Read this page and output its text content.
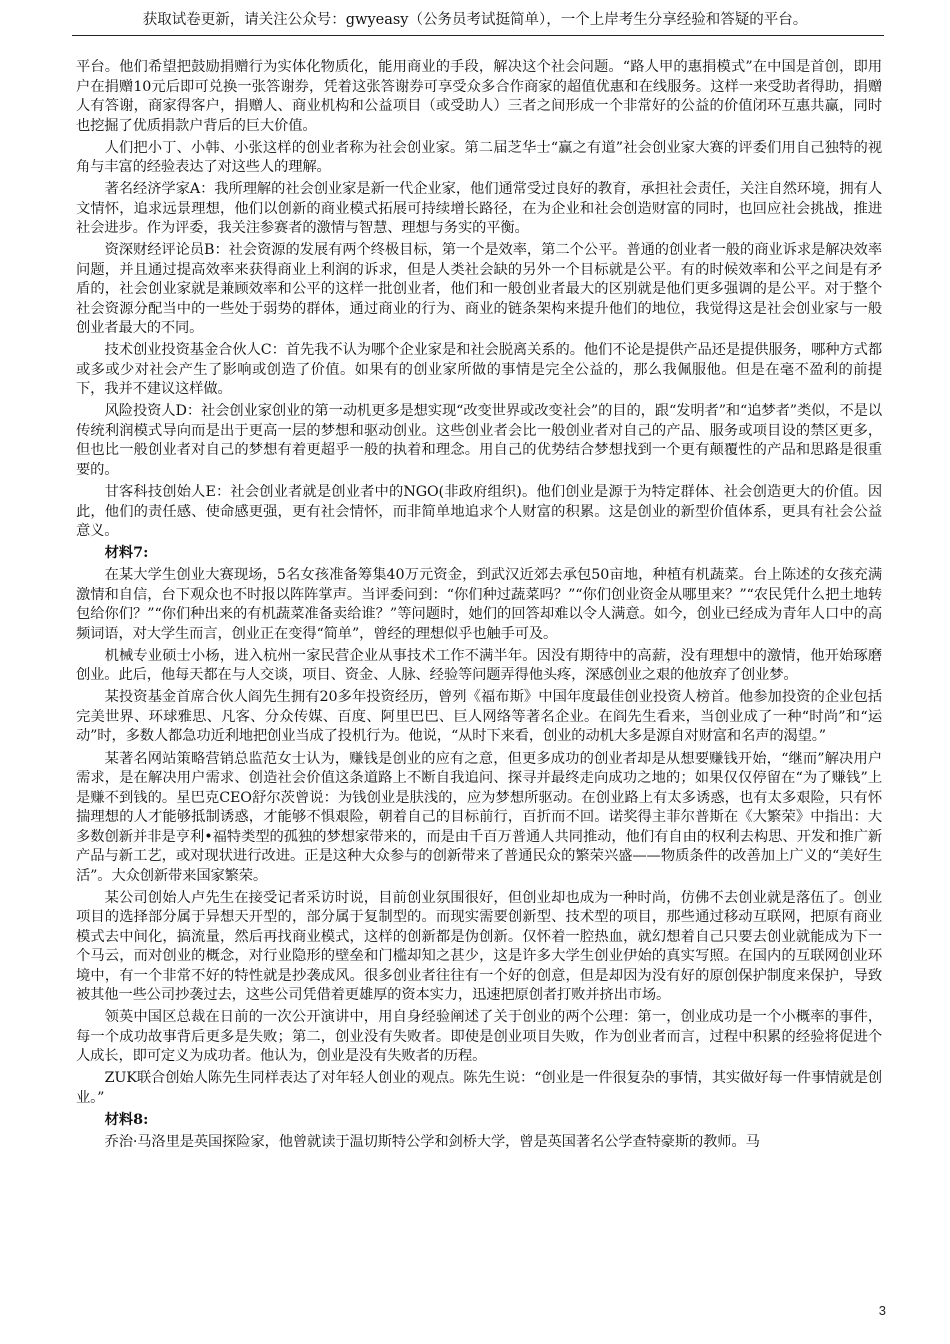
获取试卷更新，请关注公众号：gwyeasy（公务员考试挺简单），一个上岸考生分享经验和答疑的平台。

平台。他们希望把鼓励捐赠行为实体化物质化，能用商业的手段，解决这个社会问题。“路人甲的惠捐模式”在中国是首创，即用户在捐赠10元后即可兑换一张答谢券，凭着这张答谢券可享受众多合作商家的超值优惠和在线服务。这样一来受助者得助，捐赠人有答谢，商家得客户，捐赠人、商业机构和公益项目（或受助人）三者之间形成一个非常好的公益的价值闭环互惠共赢，同时也挖掘了优质捐款户背后的巨大价值。

人们把小丁、小韩、小张这样的创业者称为社会创业家。第二届芝华士“赢之有道”社会创业家大赛的评委们用自己独特的视角与丰富的经验表达了对这些人的理解。

著名经济学家A：我所理解的社会创业家是新一代企业家，他们通常受过良好的教育，承担社会责任，关注自然环境，拥有人文情怀，追求远景理想，他们以创新的商业模式拓展可持续增长路径，在为企业和社会创造财富的同时，也回应社会挑战，推进社会进步。作为评委，我关注参赛者的激情与智慧、理想与务实的平衡。

资深财经评论员B：社会资源的发展有两个终极目标，第一个是效率，第二个公平。普通的创业者一般的商业诉求是解决效率问题，并且通过提高效率来获得商业上利润的诉求，但是人类社会缺的另外一个目标就是公平。有的时候效率和公平之间是有矛盾的，社会创业家就是兼顾效率和公平的这样一批创业者，他们和一般创业者最大的区别就是他们更多强调的是公平。对于整个社会资源分配当中的一些处于弱势的群体，通过商业的行为、商业的链条架构来提升他们的地位，我觉得这是社会创业家与一般创业者最大的不同。

技术创业投资基金合伙人C：首先我不认为哪个企业家是和社会脱离关系的。他们不论是提供产品还是提供服务，哪种方式都或多或少对社会产生了影响或创造了价值。如果有的创业家所做的事情是完全公益的，那么我佩服他。但是在毫不盈利的前提下，我并不建议这样做。

风险投资人D：社会创业家创业的第一动机更多是想实现“改变世界或改变社会”的目的，跟“发明者”和“追梦者”类似，不是以传统利润模式导向而是出于更高一层的梦想和驱动创业。这些创业者会比一般创业者对自己的产品、服务或项目设的禁区更多，但也比一般创业者对自己的梦想有着更超乎一般的执着和理念。用自己的优势结合梦想找到一个更有颠覆性的产品和思路是很重要的。

甘客科技创始人E：社会创业者就是创业者中的NGO(非政府组织)。他们创业是源于为特定群体、社会创造更大的价值。因此，他们的责任感、使命感更强，更有社会情怀，而非简单地追求个人财富的积累。这是创业的新型价值体系，更具有社会公益意义。

材料7:

在某大学生创业大赛现场，5名女孩准备筹集40万元资金，到武汉近郊去承包50亩地，种植有机蔬菜。台上陈述的女孩充满激情和自信，台下观众也不时报以阵阵掌声。当评委问到：“你们种过蔬菜吗？”“你们创业资金从哪里来？”“农民凭什么把土地转包给你们？”“你们种出来的有机蔬菜准备卖给谁？”等问题时，她们的回答却难以令人满意。如今，创业已经成为青年人口中的高频词语，对大学生而言，创业正在变得“简单”，曾经的理想似乎也触手可及。

机械专业硕士小杨，进入杭州一家民营企业从事技术工作不满半年。因没有期待中的高薪，没有理想中的激情，他开始琢磨创业。此后，他每天都在与人交谈，项目、资金、人脉、经验等问题弄得他头疼，深感创业之艰的他放弃了创业梦。

某投资基金首席合伙人阎先生拥有20多年投资经历，曾列《福布斯》中国年度最佳创业投资人榜首。他参加投资的企业包括完美世界、环球雅思、凡客、分众传媒、百度、阿里巴巴、巨人网络等著名企业。在阎先生看来，当创业成了一种“时尚”和“运动”时，多数人都急功近利地把创业当成了投机行为。他说，“从时下来看，创业的动机大多是源自对财富和名声的渴望。”

某著名网站策略营销总监范女士认为，赚钱是创业的应有之意，但更多成功的创业者却是从想要赚钱开始，“继而”解决用户需求，是在解决用户需求、创造社会价值这条道路上不断自我追问、探寻并最终走向成功之地的；如果仅仅停留在“为了赚钱”上是赚不到钱的。星巴克CEO舒尔茨曾说：为钱创业是肤浅的，应为梦想所驱动。在创业路上有太多诱惑，也有太多艰险，只有怀揣理想的人才能够抵制诱惑，才能够不惧艰险，朝着自己的目标前行，百折而不回。诺奖得主菲尔普斯在《大繁荣》中指出：大多数创新并非是亨利•福特类型的孤独的梦想家带来的，而是由千百万普通人共同推动，他们有自由的权利去构思、开发和推广新产品与新工艺，或对现状进行改进。正是这种大众参与的创新带来了普通民众的繁荣兴盛——物质条件的改善加上广义的“美好生活”。大众创新带来国家繁荣。

某公司创始人卢先生在接受记者采访时说，目前创业氛围很好，但创业却也成为一种时尚，仿佛不去创业就是落伍了。创业项目的选择部分属于异想天开型的，部分属于复制型的。而现实需要创新型、技术型的项目，那些通过移动互联网，把原有商业模式去中间化，搞流量，然后再找商业模式，这样的创新都是伪创新。仅怀着一腔热血，就幻想着自己只要去创业就能成为下一个马云，而对创业的概念，对行业隐形的壁垒和门槛却知之甚少，这是许多大学生创业伊始的真实写照。在国内的互联网创业环境中，有一个非常不好的特性就是抄袭成风。很多创业者往往有一个好的创意，但是却因为没有好的原创保护制度来保护，导致被其他一些公司抄袭过去，这些公司凭借着更雄厚的资本实力，迅速把原创者打败并挤出市场。

领英中国区总裁在日前的一次公开演讲中，用自身经验阐述了关于创业的两个公理：第一，创业成功是一个小概率的事件，每一个成功故事背后更多是失败；第二，创业没有失败者。即使是创业项目失败，作为创业者而言，过程中积累的经验将促进个人成长，即可定义为成功者。他认为，创业是没有失败者的历程。

ZUK联合创始人陈先生同样表达了对年轻人创业的观点。陈先生说：“创业是一件很复杂的事情，其实做好每一件事情就是创业。”

材料8:

乔治·马洛里是英国探险家，他曾就读于温切斯特公学和剑桥大学，曾是英国著名公学查特豪斯的教师。马

3
